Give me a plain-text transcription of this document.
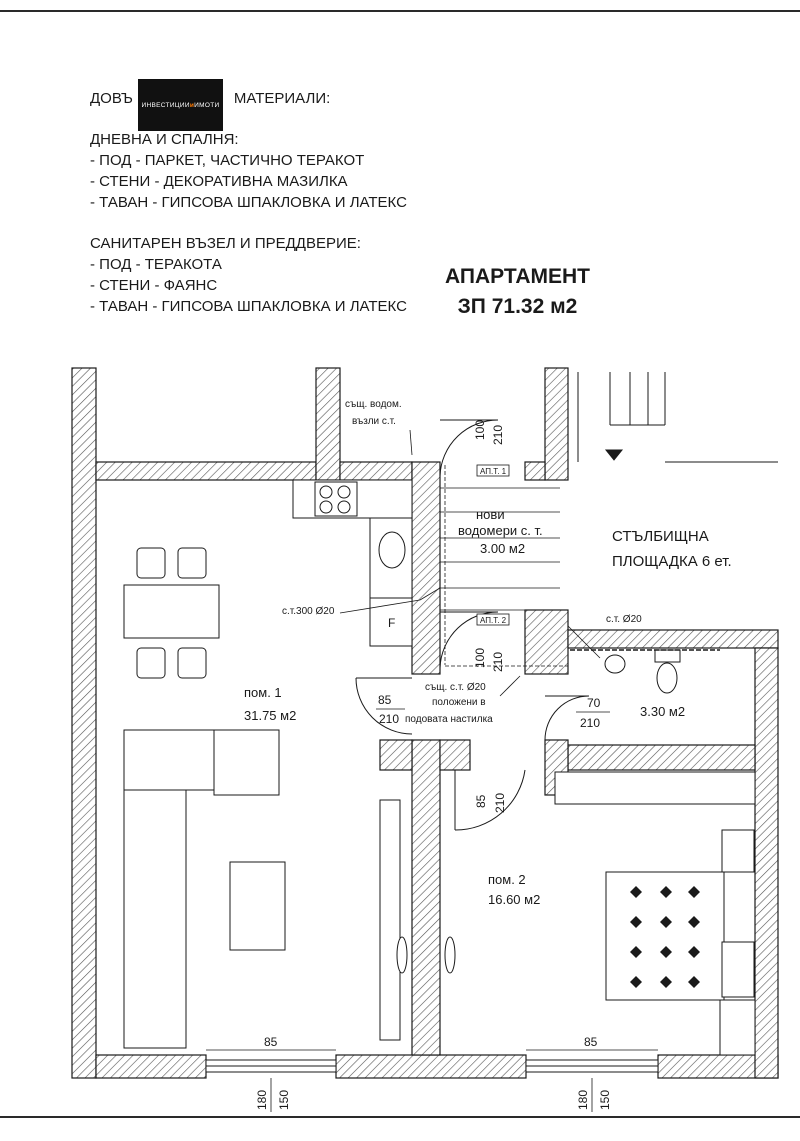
ДОВЪ	МАТЕРИАЛИ:

ДНЕВНА И СПАЛНЯ:

- ПОД - ПАРКЕТ, ЧАСТИЧНО ТЕРАКОТ

- СТЕНИ - ДЕКОРАТИВНА МАЗИЛКА

- ТАВАН - ГИПСОВА ШПАКЛОВКА И ЛАТЕКС

САНИТАРЕН ВЪЗЕЛ И ПРЕДДВЕРИЕ:

- ПОД - ТЕРАКОТА

- СТЕНИ - ФАЯНС

- ТАВАН - ГИПСОВА ШПАКЛОВКА И ЛАТЕКС

ИНВЕСТИЦИИ и ИМОТИ
АПАРТАМЕНТ
ЗП 71.32 м2
F
същ. водом.
възли с.т.
АП.Т. 1
АП.Т. 2
нови
водомери с. т.
3.00 м2
СТЪЛБИЩНА
ПЛОЩАДКА 6 ет.
с.т.300 Ø20
с.т. Ø20
същ. с.т. Ø20
положени в
подовата настилка
пом. 1
31.75 м2
пом. 2
16.60 м2
3.30 м2
100 210
100 210
85
210
70
210
85 210
85	85
180 150	180 150
